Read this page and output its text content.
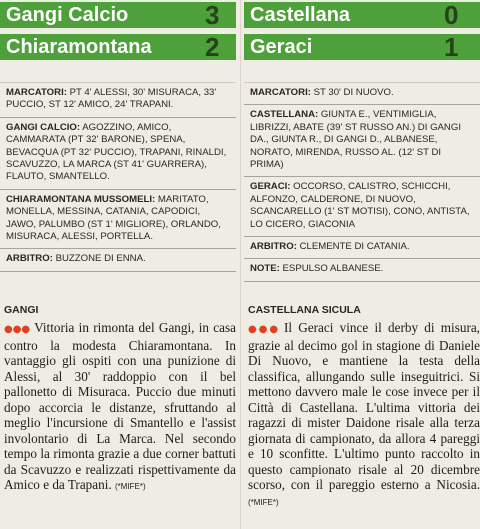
Gangi Calcio	3
Chiaramontana 2
MARCATORI: PT 4' ALESSI, 30' MISURACA, 33' PUCCIO, ST 12' AMICO, 24' TRAPANI.
GANGI CALCIO: AGOZZINO, AMICO, CAMMARATA (PT 32' BARONE), SPENA, BEVACQUA (PT 32' PUCCIO), TRAPANI, RINALDI, SCAVUZZO, LA MARCA (ST 41' GUARRERA), FLAUTO, SMANTELLO.
CHIARAMONTANA MUSSOMELI: MARITATO, MONELLA, MESSINA, CATANIA, CAPODICI, JAWO, PALUMBO (ST 1' MIGLIORE), ORLANDO, MISURACA, ALESSI, PORTELLA.
ARBITRO: BUZZONE DI ENNA.
GANGI

●●● Vittoria in rimonta del Gangi, in casa contro la modesta Chiaramontana. In vantaggio gli ospiti con una punizione di Alessi, al 30' raddoppio con il bel pallonetto di Misuraca. Puccio due minuti dopo accorcia le distanze, sfruttando al meglio l'incursione di Smantello e l'assist involontario di La Marca. Nel secondo tempo la rimonta grazie a due corner battuti da Scavuzzo e realizzati rispettivamente da Amico e da Trapani. (*MIFE*)

Castellana	0
Geraci	1
MARCATORI: ST 30' DI NUOVO.
CASTELLANA: GIUNTA E., VENTIMIGLIA, LIBRIZZI, ABATE (39' ST RUSSO AN.) DI GANGI DA., GIUNTA R., DI GANGI D., ALBANESE, NORATO, MIRENDA, RUSSO AL. (12' ST DI PRIMA)
GERACI: OCCORSO, CALISTRO, SCHICCHI, ALFONZO, CALDERONE, DI NUOVO, SCANCARELLO (1' ST MOTISI), CONO, ANTISTA, LO CICERO, GIACONIA
ARBITRO: CLEMENTE DI CATANIA.
NOTE: ESPULSO ALBANESE.
CASTELLANA SICULA

●●● Il Geraci vince il derby di misura, grazie al decimo gol in stagione di Daniele Di Nuovo, e mantiene la testa della classifica, allungando sulle inseguitrici. Si mettono davvero male le cose invece per il Città di Castellana. L'ultima vittoria dei ragazzi di mister Daidone risale alla terza giornata di campionato, da allora 4 pareggi e 10 sconfitte. L'ultimo punto raccolto in questo campionato risale al 20 dicembre scorso, con il pareggio esterno a Nicosia. (*MIFE*)
